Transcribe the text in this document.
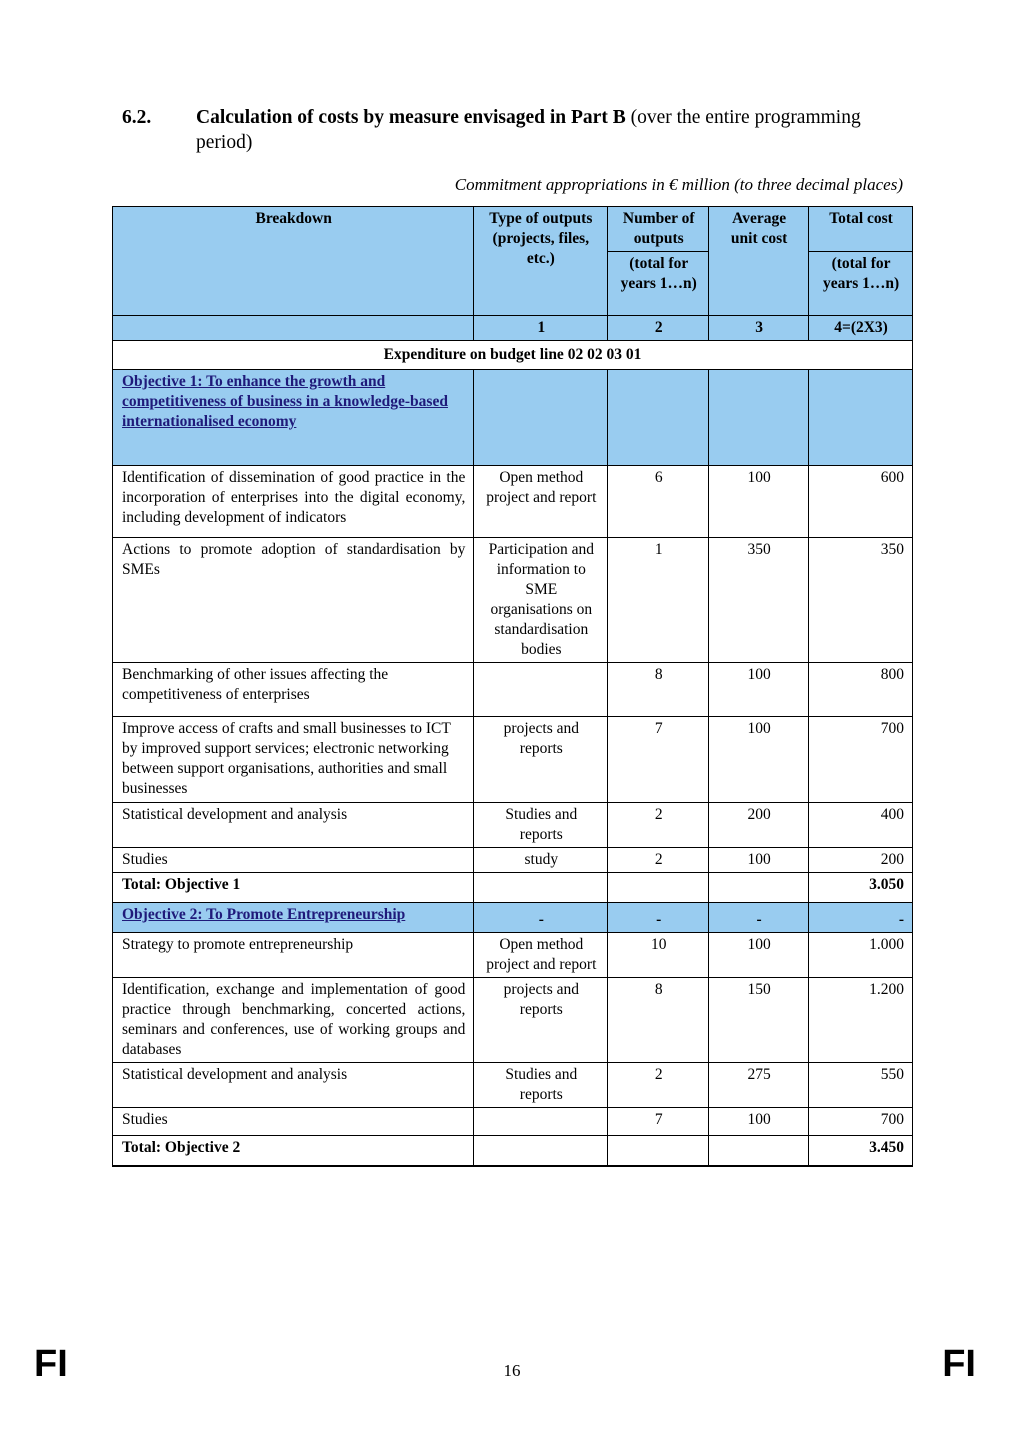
6.2. Calculation of costs by measure envisaged in Part B (over the entire programming period)
Commitment appropriations in € million (to three decimal places)
Breakdown	Type of outputs (projects, files, etc.)	Number of outputs	Average unit cost	Total cost
		(total for years 1…n)		(total for years 1…n)
	1	2	3	4=(2X3)
Expenditure on budget line 02 02 03 01				
Objective 1: To enhance the growth and competitiveness of business in a knowledge-based internationalised economy				
Identification of dissemination of good practice in the incorporation of enterprises into the digital economy, including development of indicators	Open method project and report	6	100	600
Actions to promote adoption of standardisation by SMEs	Participation and information to SME organisations on standardisation bodies	1	350	350
Benchmarking of other issues affecting the competitiveness of enterprises		8	100	800
Improve access of crafts and small businesses to ICT by improved support services; electronic networking between support organisations, authorities and small businesses	projects and reports	7	100	700
Statistical development and analysis	Studies and reports	2	200	400
Studies	study	2	100	200
Total: Objective 1				3.050
Objective 2: To Promote Entrepreneurship	-	-	-	-
Strategy to promote entrepreneurship	Open method project and report	10	100	1.000
Identification, exchange and implementation of good practice through benchmarking, concerted actions, seminars and conferences, use of working groups and databases	projects and reports	8	150	1.200
Statistical development and analysis	Studies and reports	2	275	550
Studies		7	100	700
Total: Objective 2				3.450
FI	16	FI
